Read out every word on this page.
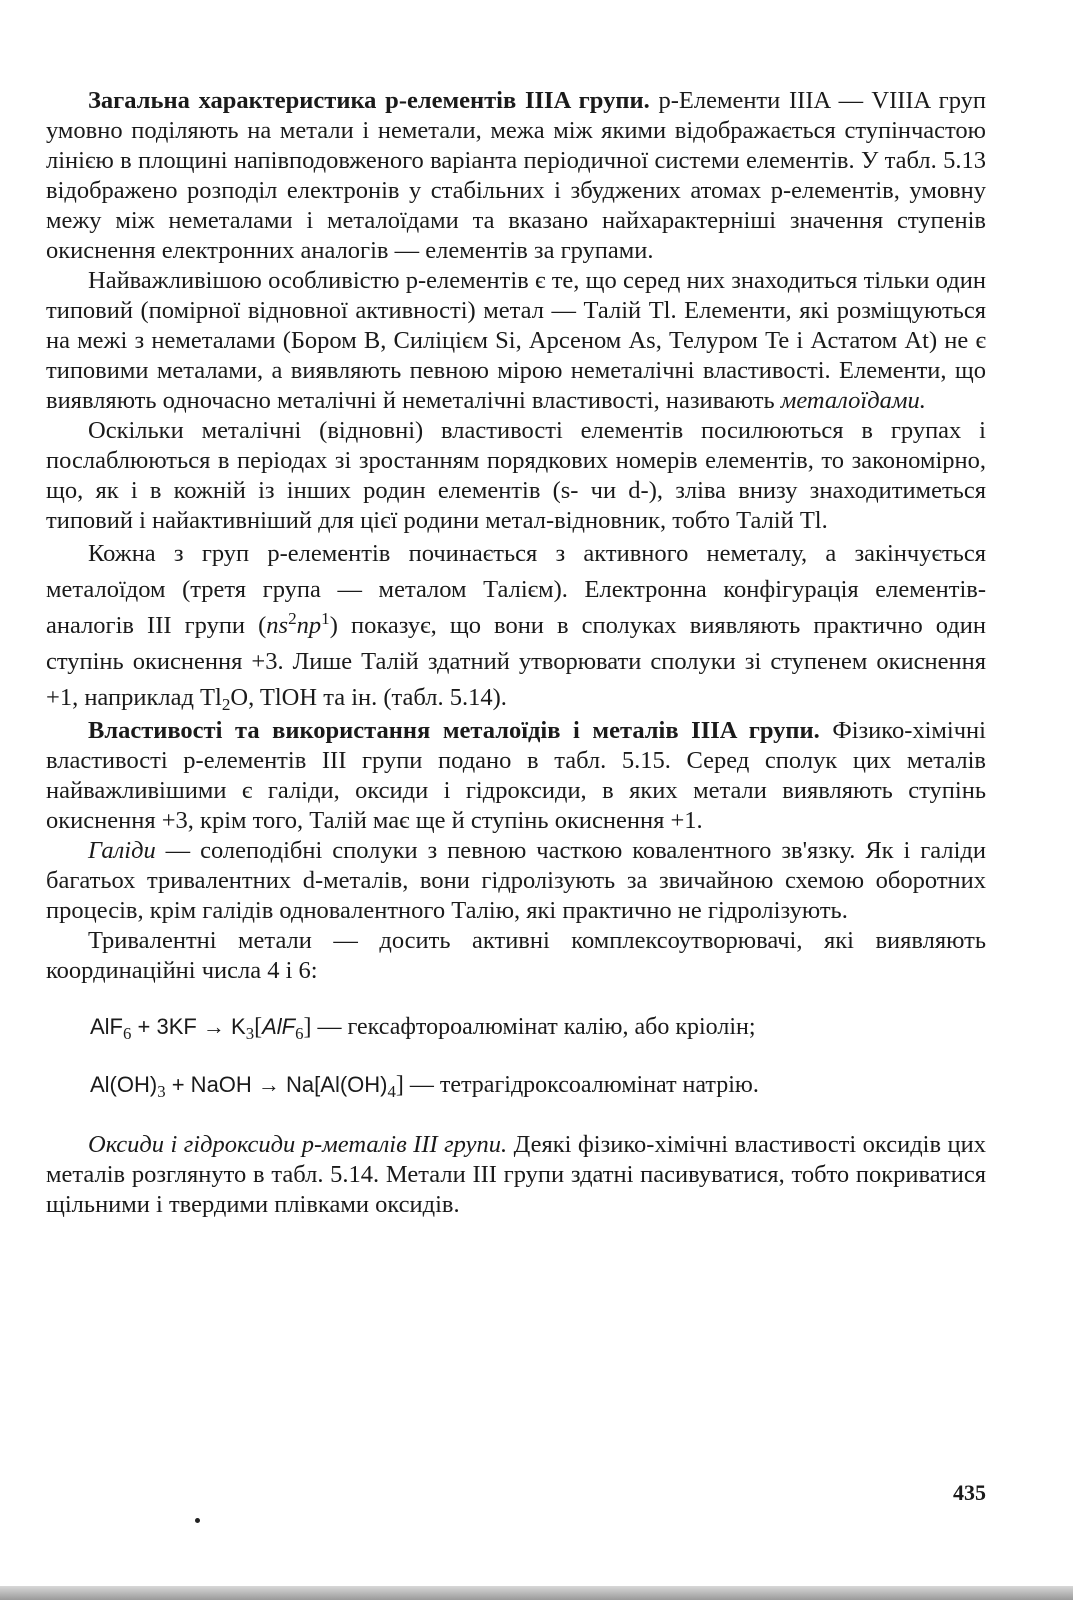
Загальна характеристика p-елементів IIIA групи. p-Елементи IIIA — VIIIA груп умовно поділяють на метали і неметали, межа між якими відображається ступінчастою лінією в площині напівподовженого варіанта періодичної системи елементів. У табл. 5.13 відображено розподіл електронів у стабільних і збуджених атомах p-елементів, умовну межу між неметалами і металоїдами та вказано найхарактерніші значення ступенів окиснення електронних аналогів — елементів за групами.

Найважливішою особливістю p-елементів є те, що серед них знаходиться тільки один типовий (помірної відновної активності) метал — Талій Tl. Елементи, які розміщуються на межі з неметалами (Бором B, Силіцієм Si, Арсеном As, Телуром Te і Астатом At) не є типовими металами, а виявляють певною мірою неметалічні властивості. Елементи, що виявляють одночасно металічні й неметалічні властивості, називають металоїдами.

Оскільки металічні (відновні) властивості елементів посилюються в групах і послаблюються в періодах зі зростанням порядкових номерів елементів, то закономірно, що, як і в кожній із інших родин елементів (s- чи d-), зліва внизу знаходитиметься типовий і найактивніший для цієї родини метал-відновник, тобто Талій Tl.

Кожна з груп p-елементів починається з активного неметалу, а закінчується металоїдом (третя група — металом Талієм). Електронна конфігурація елементів-аналогів III групи $(ns^2np^1)$ показує, що вони в сполуках виявляють практично один ступінь окиснення +3. Лише Талій здатний утворювати сполуки зі ступенем окиснення +1, наприклад $Tl_2O$, TlOH та ін. (табл. 5.14).

Властивості та використання металоїдів і металів IIIA групи. Фізико-хімічні властивості p-елементів III групи подано в табл. 5.15. Серед сполук цих металів найважливішими є галіди, оксиди і гідроксиди, в яких метали виявляють ступінь окиснення +3, крім того, Талій має ще й ступінь окиснення +1.

Галіди — солеподібні сполуки з певною часткою ковалентного зв'язку. Як і галіди багатьох тривалентних d-металів, вони гідролізують за звичайною схемою оборотних процесів, крім галідів одновалентного Талію, які практично не гідролізують.

Тривалентні метали — досить активні комплексоутворювачі, які виявляють координаційні числа 4 і 6:

$AlF_6 + 3KF \to K_3[AlF_6]$ — гексафтороалюмінат калію, або кріолін;
$Al(OH)_3$ + NaOH → $Na[Al(OH)_4]$ — тетрагідроксоалюмінат натрію.

Оксиди і гідроксиди p-металів III групи. Деякі фізико-хімічні властивості оксидів цих металів розглянуто в табл. 5.14. Метали III групи здатні пасивуватися, тобто покриватися щільними і твердими плівками оксидів.

435
